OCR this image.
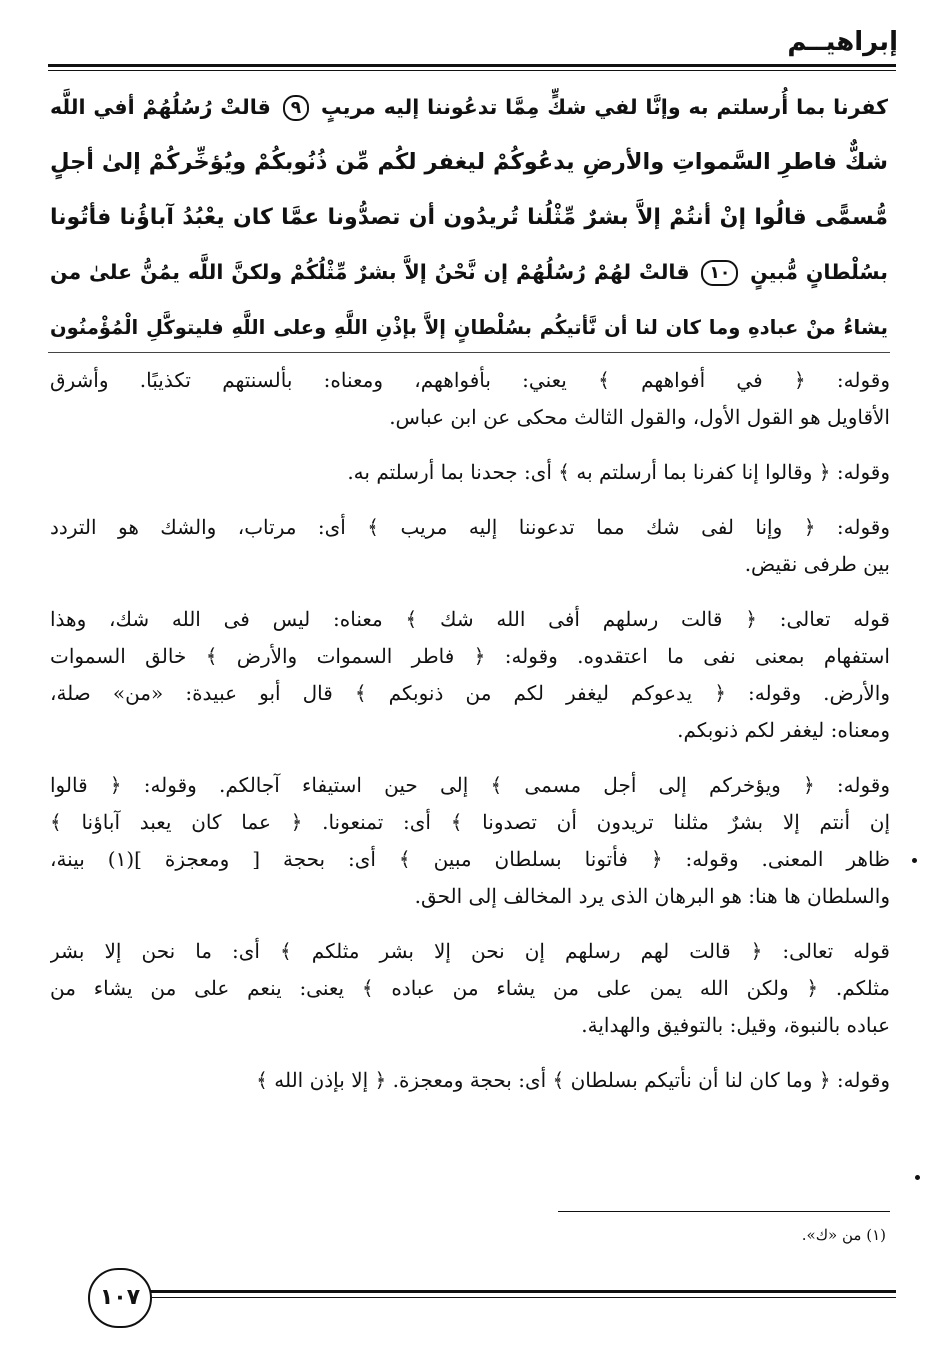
إبراهيــم
كفرنا بما أُرسلتم به وإنَّا لفي شكٍّ مِمَّا تدعُوننا إليه مريبٍ ٩ قالتْ رُسُلُهُمْ أفي اللَّه
شكٌّ فاطرِ السَّمواتِ والأرضِ يدعُوكُمْ ليغفر لكُم مِّن ذُنُوبكُمْ ويُؤخِّركُمْ إلىٰ أجلٍ
مُّسمًّى قالُوا إنْ أنتُمْ إلاَّ بشرٌ مِّثْلُنا تُريدُون أن تصدُّونا عمَّا كان يعْبُدُ آباؤُنا فأتُونا
بسُلْطانٍ مُّبينٍ ١٠ قالتْ لهُمْ رُسُلُهُمْ إن نَّحْنُ إلاَّ بشرٌ مِّثْلُكُمْ ولكنَّ اللَّه يمُنُّ علىٰ من
يشاءُ منْ عبادهِ وما كان لنا أن نَّأتيكُم بسُلْطانٍ إلاَّ بإذْنِ اللَّهِ وعلى اللَّهِ فليتوكَّلِ الْمُؤْمنُون
وقوله: ﴿ في أفواههم ﴾ يعني: بأفواههم، ومعناه: بألسنتهم تكذيبًا. وأشرق
الأقاويل هو القول الأول، والقول الثالث محكى عن ابن عباس.
وقوله: ﴿ وقالوا إنا كفرنا بما أرسلتم به ﴾ أى: جحدنا بما أرسلتم به.
وقوله: ﴿ وإنا لفى شك مما تدعوننا إليه مريب ﴾ أى: مرتاب، والشك هو التردد
بين طرفى نقيض.
قوله تعالى: ﴿ قالت رسلهم أفى الله شك ﴾ معناه: ليس فى الله شك، وهذا
استفهام بمعنى نفى ما اعتقدوه. وقوله: ﴿ فاطر السموات والأرض ﴾ خالق السموات
والأرض. وقوله: ﴿ يدعوكم ليغفر لكم من ذنوبكم ﴾ قال أبو عبيدة: «من» صلة،
ومعناه: ليغفر لكم ذنوبكم.
وقوله: ﴿ ويؤخركم إلى أجل مسمى ﴾ إلى حين استيفاء آجالكم. وقوله: ﴿ قالوا
إن أنتم إلا بشرٌ مثلنا تريدون أن تصدونا ﴾ أى: تمنعونا. ﴿ عما كان يعبد آباؤنا ﴾
ظاهر المعنى. وقوله: ﴿ فأتونا بسلطان مبين ﴾ أى: بحجة [ ومعجزة ](١) بينة،
والسلطان ها هنا: هو البرهان الذى يرد المخالف إلى الحق.
قوله تعالى: ﴿ قالت لهم رسلهم إن نحن إلا بشر مثلكم ﴾ أى: ما نحن إلا بشر
مثلكم. ﴿ ولكن الله يمن على من يشاء من عباده ﴾ يعنى: ينعم على من يشاء من
عباده بالنبوة، وقيل: بالتوفيق والهداية.
وقوله: ﴿ وما كان لنا أن نأتيكم بسلطان ﴾ أى: بحجة ومعجزة. ﴿ إلا بإذن الله ﴾
(١) من «ك».
١٠٧
